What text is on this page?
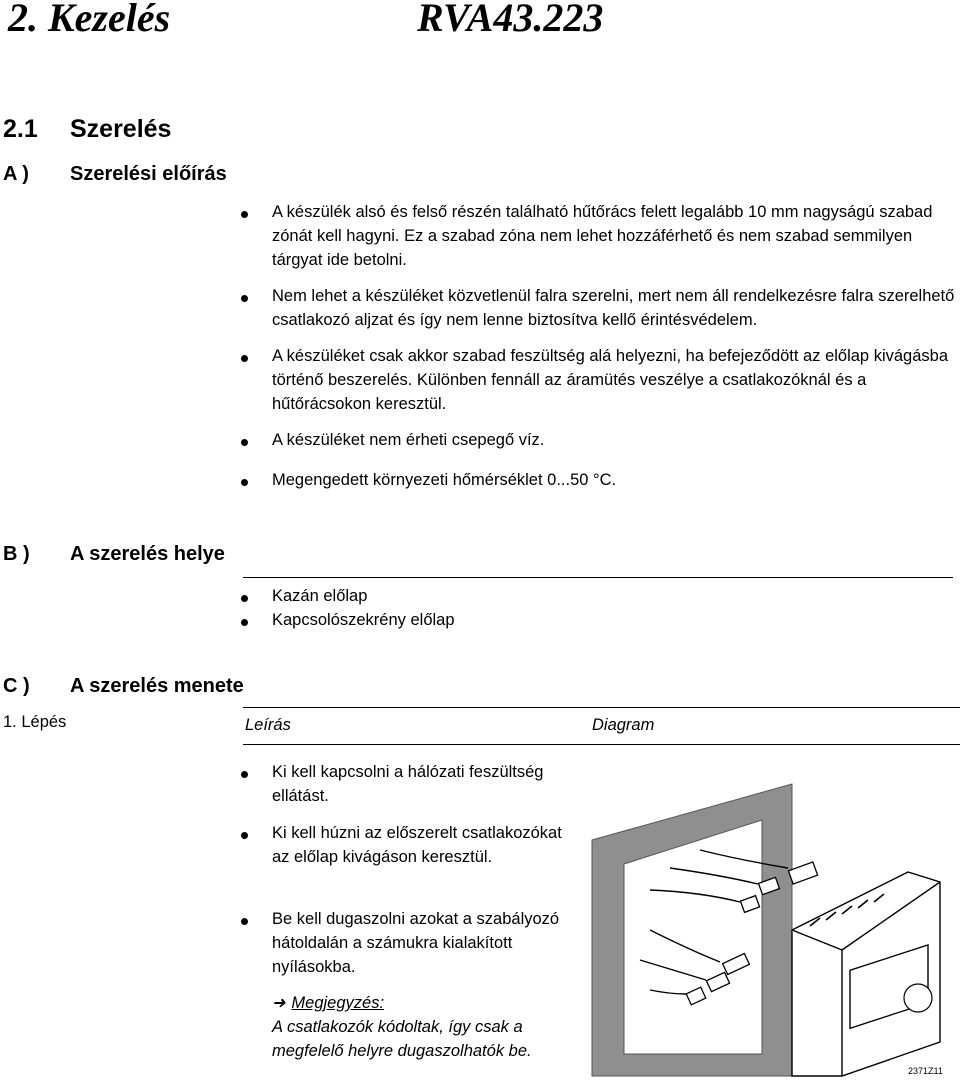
2. Kezelés	RVA43.223
2.1 Szerelés
A ) Szerelési előírás
A készülék alsó és felső részén található hűtőrács felett legalább 10 mm nagyságú szabad zónát kell hagyni. Ez a szabad zóna nem lehet hozzáférhető és nem szabad semmilyen tárgyat ide betolni.
Nem lehet a készüléket közvetlenül falra szerelni, mert nem áll rendelkezésre falra szerelhető csatlakozó aljzat és így nem lenne biztosítva kellő érintésvédelem.
A készüléket csak akkor szabad feszültség alá helyezni, ha befejeződött az előlap kivágásba történő beszerelés. Különben fennáll az áramütés veszélye a csatlakozóknál és a hűtőrácsokon keresztül.
A készüléket nem érheti csepegő víz.
Megengedett környezeti hőmérséklet 0...50 °C.
B ) A szerelés helye
Kazán előlap
Kapcsolószekrény előlap
C ) A szerelés menete
1. Lépés	Leírás	Diagram
Ki kell kapcsolni a hálózati feszültség ellátást.
Ki kell húzni az előszerelt csatlakozókat az előlap kivágáson keresztül.
Be kell dugaszolni azokat a szabályozó hátoldalán a számukra kialakított nyílásokba.
➜ Megjegyzés:
A csatlakozók kódoltak, így csak a megfelelő helyre dugaszolhatók be.
2371Z11
